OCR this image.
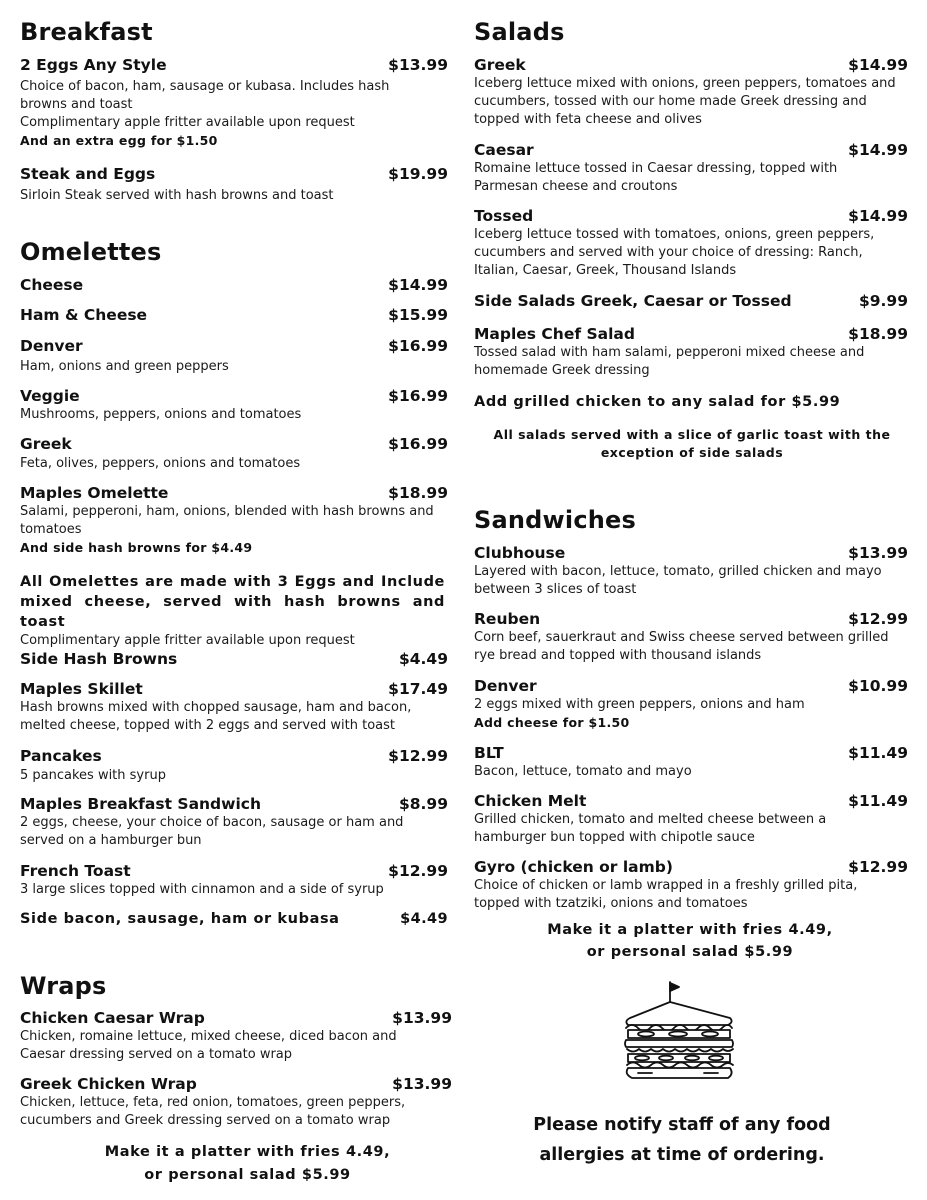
Breakfast
2 Eggs Any Style	$13.99
Choice of bacon, ham, sausage or kubasa. Includes hash browns and toast
Complimentary apple fritter available upon request
And an extra egg for $1.50
Steak and Eggs	$19.99
Sirloin Steak served with hash browns and toast
Omelettes
Cheese	$14.99
Ham & Cheese	$15.99
Denver	$16.99
Ham, onions and green peppers
Veggie	$16.99
Mushrooms, peppers, onions and tomatoes
Greek	$16.99
Feta, olives, peppers, onions and tomatoes
Maples Omelette	$18.99
Salami, pepperoni, ham, onions, blended with hash browns and tomatoes
And side hash browns for $4.49
All Omelettes are made with 3 Eggs and Include mixed cheese, served with hash browns and toast
Complimentary apple fritter available upon request
Side Hash Browns	$4.49
Maples Skillet	$17.49
Hash browns mixed with chopped sausage, ham and bacon, melted cheese, topped with 2 eggs and served with toast
Pancakes	$12.99
5 pancakes with syrup
Maples Breakfast Sandwich	$8.99
2 eggs, cheese, your choice of bacon, sausage or ham and served on a hamburger bun
French Toast	$12.99
3 large slices topped with cinnamon and a side of syrup
Side bacon, sausage, ham or kubasa	$4.49
Wraps
Chicken Caesar Wrap	$13.99
Chicken, romaine lettuce, mixed cheese, diced bacon and Caesar dressing served on a tomato wrap
Greek Chicken Wrap	$13.99
Chicken, lettuce, feta, red onion, tomatoes, green peppers, cucumbers and Greek dressing served on a tomato wrap
Make it a platter with fries 4.49,
or personal salad $5.99
Salads
Greek	$14.99
Iceberg lettuce mixed with onions, green peppers, tomatoes and cucumbers, tossed with our home made Greek dressing and topped with feta cheese and olives
Caesar	$14.99
Romaine lettuce tossed in Caesar dressing, topped with Parmesan cheese and croutons
Tossed	$14.99
Iceberg lettuce tossed with tomatoes, onions, green peppers, cucumbers and served with your choice of dressing: Ranch, Italian, Caesar, Greek, Thousand Islands
Side Salads Greek, Caesar or Tossed	$9.99
Maples Chef Salad	$18.99
Tossed salad with ham salami, pepperoni mixed cheese and homemade Greek dressing
Add grilled chicken to any salad for $5.99
All salads served with a slice of garlic toast with the exception of side salads
Sandwiches
Clubhouse	$13.99
Layered with bacon, lettuce, tomato, grilled chicken and mayo between 3 slices of toast
Reuben	$12.99
Corn beef, sauerkraut and Swiss cheese served between grilled rye bread and topped with thousand islands
Denver	$10.99
2 eggs mixed with green peppers, onions and ham
Add cheese for $1.50
BLT	$11.49
Bacon, lettuce, tomato and mayo
Chicken Melt	$11.49
Grilled chicken, tomato and melted cheese between a hamburger bun topped with chipotle sauce
Gyro (chicken or lamb)	$12.99
Choice of chicken or lamb wrapped in a freshly grilled pita, topped with tzatziki, onions and tomatoes
Make it a platter with fries 4.49,
or personal salad $5.99
Please notify staff of any food
allergies at time of ordering.
